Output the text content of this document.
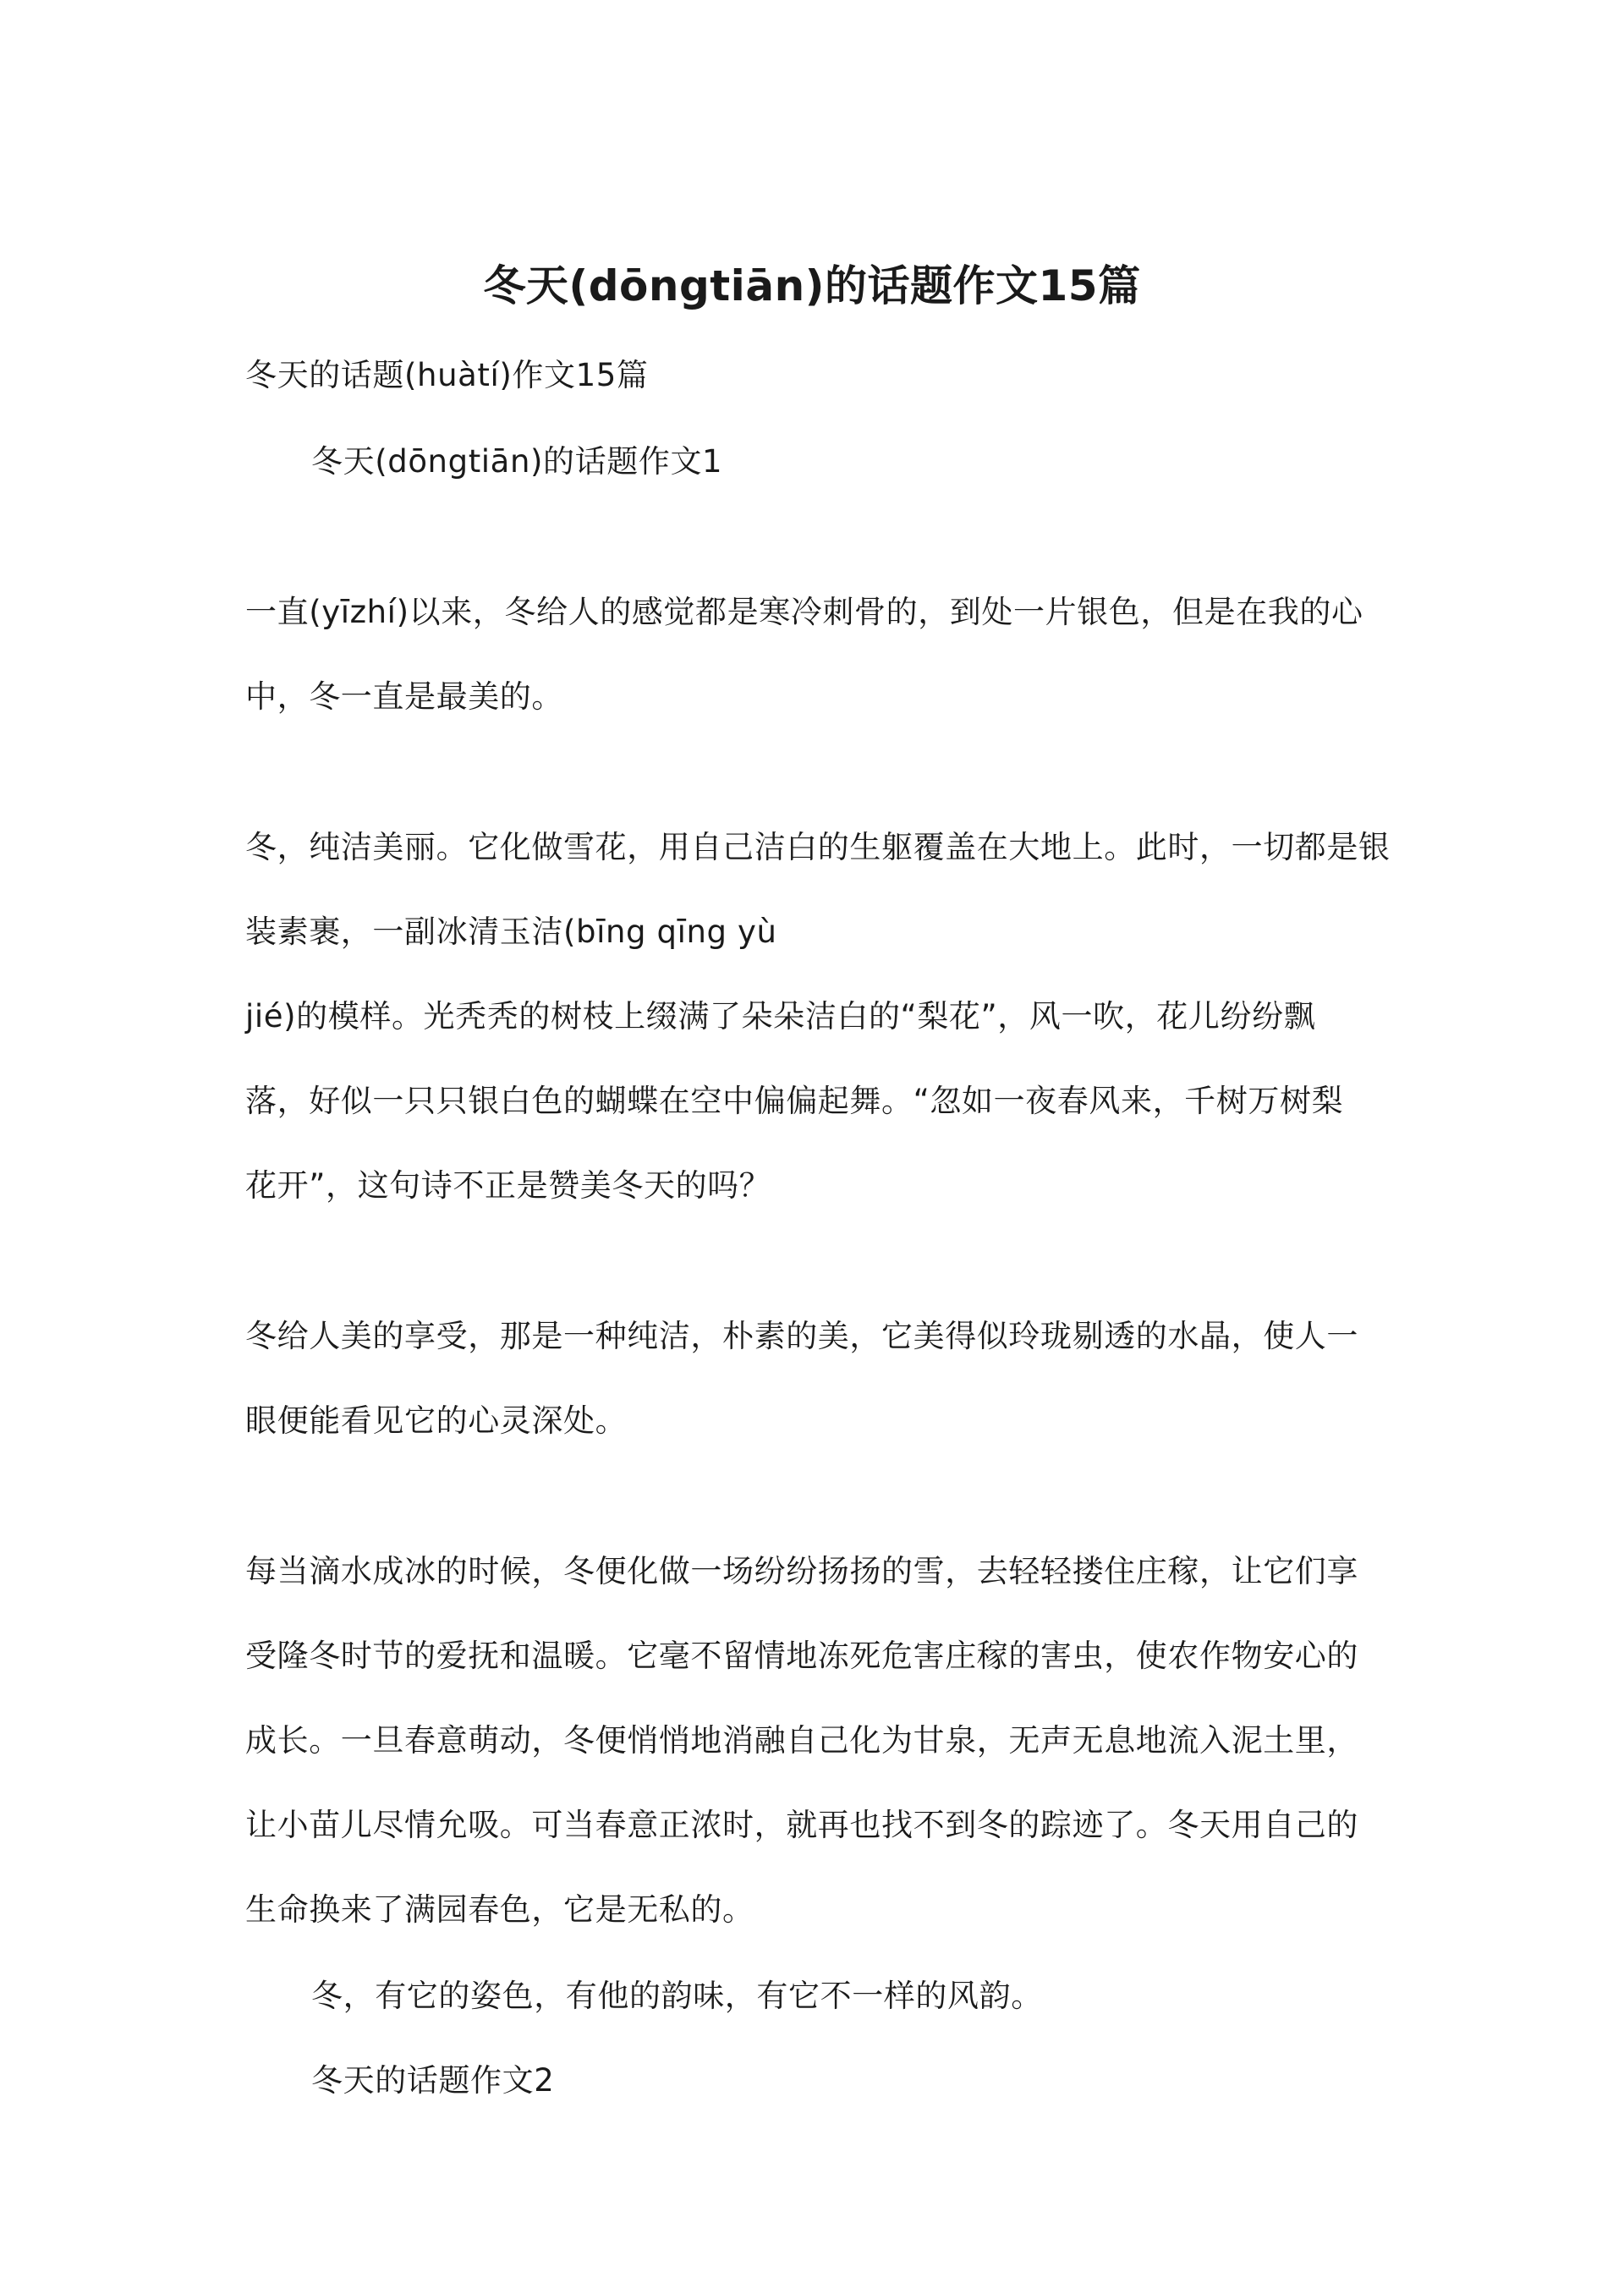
冬天(dōngtiān)的话题作文15篇
冬天的话题(huàtí)作文15篇
冬天(dōngtiān)的话题作文1
一直(yīzhí)以来，冬给人的感觉都是寒冷刺骨的，到处一片银色，但是在我的心
中，冬一直是最美的。
冬，纯洁美丽。它化做雪花，用自己洁白的生躯覆盖在大地上。此时，一切都是银
装素裹，一副冰清玉洁(bīng qīng yù
jié)的模样。光秃秃的树枝上缀满了朵朵洁白的“梨花”，风一吹，花儿纷纷飘
落，好似一只只银白色的蝴蝶在空中偏偏起舞。“忽如一夜春风来，千树万树梨
花开”，这句诗不正是赞美冬天的吗？
冬给人美的享受，那是一种纯洁，朴素的美，它美得似玲珑剔透的水晶，使人一
眼便能看见它的心灵深处。
每当滴水成冰的时候，冬便化做一场纷纷扬扬的雪，去轻轻搂住庄稼，让它们享
受隆冬时节的爱抚和温暖。它毫不留情地冻死危害庄稼的害虫，使农作物安心的
成长。一旦春意萌动，冬便悄悄地消融自己化为甘泉，无声无息地流入泥土里，
让小苗儿尽情允吸。可当春意正浓时，就再也找不到冬的踪迹了。冬天用自己的
生命换来了满园春色，它是无私的。
冬，有它的姿色，有他的韵味，有它不一样的风韵。
冬天的话题作文2
